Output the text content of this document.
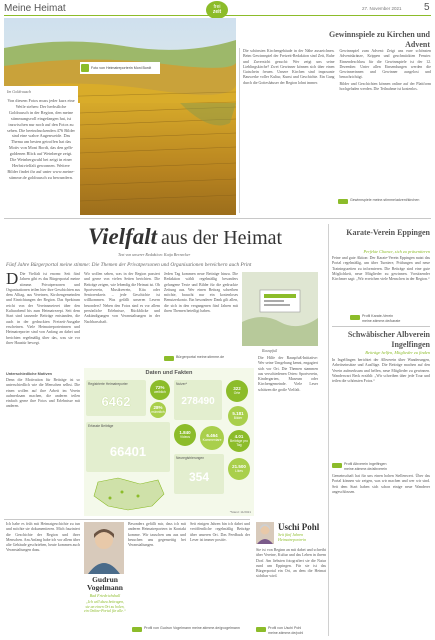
Meine Heimat	frei
zeit
27. November 2021 5
Foto von Heimatreporterin Moni Bordt
Im Goldrausch
Von diesem Fotos muss jeder kurz eine Weile stehen: Der herbstliche Goldrausch in der Region, den meine stimmungsvoll eingefangen hat, ist inzwischen nur noch auf den Fotos zu sehen. Die beeindruckenden 476 Bilder sind eine wahre Augenweide. Das Thema am besten getroffen hat das Motiv von Moni Bordt, das den gelb-goldenen Blick auf Weinberge zeigt. Die Weinbergwahl bei zeigt in einer Herbstvielfalt gewonnen. Weitere Bilder findet ihr auf unter www.meine-stimme.de goldrausch zu bewundern.
Gewinnspiele zu Kirchen und Advent

Die schönsten Kirchengebäude in der Nähe auszeichnen. Beim Gewinnspiel der Freizeit-Redaktion sind Zeit, Ruhe und Zuversicht gesucht: Wer zeigt uns seine Lieblingskirche? Zwei Gewinner können sich über einen Gutschein freuen. Unsere Kirchen sind imposante Bauwerke voller Kultur, Kunst und Geschichte. Ein Gang durch die Gotteshäuser der Region lohnt immer.

Gewinnspiel zum Advent: Zeigt uns eure schönsten Adventskränze, Krippen und geschmückten Fenster. Einsendeschluss für die Gewinnspiele ist der 12. Dezember. Unter allen Einsendungen werden die Gewinnerinnen und Gewinner ausgelost und benachrichtigt.

Bilder und Geschichten können online auf der Plattform hochgeladen werden. Die Teilnahme ist kostenlos.

Gewinnspiele meine.stimme/advent/kirchen
Vielfalt aus der Heimat
Text von unserer Redaktion: Katja Bernecker
Fünf Jahre Bürgerportal meine stimme: Die Themen der Privatpersonen und Organisationen bereichern auch Print
D Die Vielfalt ist enorm: Seit fünf Jahren gibt es das Bürgerportal meine stimme. Privatpersonen und Organisationen teilen hier ihre Geschichten aus dem Alltag, aus Vereinen, Kirchengemeinden und Einrichtungen der Region. Das Spektrum reicht von der Vereinsmeierei über den Kulturabend bis zum Heimatrezept. Seit dem Start sind tausende Beiträge entstanden, die auch in der gedruckten Freizeit-Ausgabe erscheinen. Viele Heimatreporterinnen und Heimatreporter sind von Anfang an dabei und berichten regelmäßig über das, was sie vor ihrer Haustür bewegt.
Wir wollen sehen, was in der Region passiert und gerne von vielen Seiten berichten. Die Beiträge zeigen, wie lebendig die Heimat ist. Ob Sportverein, Musikverein, Kita oder Seniorenkreis – jede Geschichte ist willkommen. Was gefällt unseren Lesern besonders? Neben den Fotos sind es vor allem persönliche Erlebnisse, Rückblicke und Ankündigungen von Veranstaltungen in der Nachbarschaft.
Jeden Tag kommen neue Beiträge hinzu. Die Redaktion wählt regelmäßig besonders gelungene Texte und Bilder für die gedruckte Zeitung aus. Wer einen Beitrag schreiben möchte, braucht nur ein kostenloses Benutzerkonto. Ein besonderer Dank gilt allen, die sich in den vergangenen fünf Jahren mit ihren Themen beteiligt haben.
Bürgerportal meine.stimme.de
Unterschiedliche Motiven
Denn die Motivation für Beiträge ist so unterschiedlich wie die Menschen selbst. Die einen wollen auf ihre Arbeit im Verein aufmerksam machen, die anderen teilen einfach gerne ihre Fotos und Erlebnisse mit anderen.
Rauspfuß
Die Hilfe der Rauspfuß-Initiative: Wer seine Umgebung kennt, engagiert sich vor Ort. Die Themen stammen aus verschiedenen Orten: Sportverein, Kindergarten, Museum oder Kirchengemeinde. Viele Leser schätzen die große Vielfalt.
Daten und Fakten
Registrierte Heimatreporter
6462
72%
weiblich
28%
männlich
Nutzer*
278490
322
Orte
5.181
Bilder
Erfasste Beiträge
66401
1.840
Videos	6.464
Kommentare
4.01
Beiträge pro Tag
Neuregistrierungen
354
21.500
Likes
*Stand: 11/2021
Ich habe es früh mit Heimatgeschichte zu tun und möchte sie dokumentieren. Mich fasziniert die Geschichte der Region und ihrer Menschen. Am Anfang habe ich vor allem über alte Gebäude geschrieben, heute kommen auch Veranstaltungen dazu.
Gudrun Vogelmann
Bad Friedrichshall
„Ich will dazu beitragen, sie an einen Ort zu holen, ein Online-Portal für alle.“
Besonders gefällt mir, dass ich mit anderen Heimatreportern in Kontakt komme. Wir tauschen uns aus und besuchen uns gegenseitig bei Veranstaltungen.
Seit einigen Jahren bin ich dabei und veröffentliche regelmäßig Beiträge über unseren Ort. Das Feedback der Leser ist immer positiv.
Profil von Gudrun Vogelmann meine.stimme.de/gvogelmann
Uschi Pohl
Seit fünf Jahren Heimatreporterin
Sie ist von Beginn an mit dabei und schreibt über Vereine, Kultur und das Leben in ihrem Dorf. Am liebsten fotografiert sie die Natur rund um Eppingen. Für sie ist das Bürgerportal ein Ort, an dem die Heimat sichtbar wird.
Profil von Uschi Pohl meine.stimme.de/pohl
Karate-Verein Eppingen
Perfekte Chance, sich zu präsentieren
Feine und gute Aktion: Der Karate-Verein Eppingen nutzt das Portal regelmäßig, um über Turniere, Prüfungen und neue Trainingszeiten zu informieren. Die Beiträge sind eine gute Möglichkeit, neue Mitglieder zu gewinnen. Vorsitzender Kirchmer sagt: „Wir erreichen viele Menschen in der Region.“
Profil Karate-Verein meine.stimme.de/karate
Schwäbischer Albverein Ingelfingen
Beiträge helfen, Mitglieder zu finden
In Ingelfingen berichtet der Albverein über Wanderungen, Arbeitseinsätze und Ausflüge. Die Beiträge machen auf den Verein aufmerksam und helfen, neue Mitglieder zu gewinnen. Wanderwart Beck erzählt: „Wir schreiben über jede Tour und teilen die schönsten Fotos.“
Profil Albverein Ingelfingen meine.stimme.de/albverein
Gemeinschaft hat für uns einen hohen Stellenwert. Über das Portal können wir zeigen, was wir machen und wer wir sind. Seit dem Start haben sich schon einige neue Wanderer angeschlossen.
